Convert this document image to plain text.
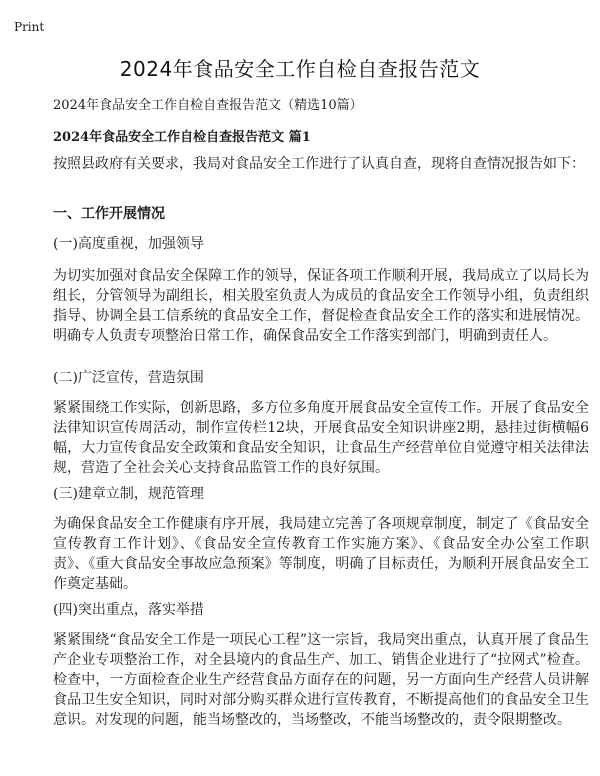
Print
2024年食品安全工作自检自查报告范文

2024年食品安全工作自检自查报告范文（精选10篇）

2024年食品安全工作自检自查报告范文 篇1

按照县政府有关要求，我局对食品安全工作进行了认真自查，现将自查情况报告如下：

一、工作开展情况

(一)高度重视，加强领导

为切实加强对食品安全保障工作的领导，保证各项工作顺利开展，我局成立了以局长为组长，分管领导为副组长，相关股室负责人为成员的食品安全工作领导小组，负责组织指导、协调全县工信系统的食品安全工作，督促检查食品安全工作的落实和进展情况。明确专人负责专项整治日常工作，确保食品安全工作落实到部门，明确到责任人。

(二)广泛宣传，营造氛围

紧紧围绕工作实际，创新思路，多方位多角度开展食品安全宣传工作。开展了食品安全法律知识宣传周活动，制作宣传栏12块，开展食品安全知识讲座2期，悬挂过街横幅6幅，大力宣传食品安全政策和食品安全知识，让食品生产经营单位自觉遵守相关法律法规，营造了全社会关心支持食品监管工作的良好氛围。

(三)建章立制，规范管理

为确保食品安全工作健康有序开展，我局建立完善了各项规章制度，制定了《食品安全宣传教育工作计划》、《食品安全宣传教育工作实施方案》、《食品安全办公室工作职责》、《重大食品安全事故应急预案》等制度，明确了目标责任，为顺利开展食品安全工作奠定基础。

(四)突出重点，落实举措

紧紧围绕“食品安全工作是一项民心工程”这一宗旨，我局突出重点，认真开展了食品生产企业专项整治工作，对全县境内的食品生产、加工、销售企业进行了“拉网式”检查。检查中，一方面检查企业生产经营食品方面存在的问题，另一方面向生产经营人员讲解食品卫生安全知识，同时对部分购买群众进行宣传教育，不断提高他们的食品安全卫生意识。对发现的问题，能当场整改的，当场整改，不能当场整改的，责令限期整改。
